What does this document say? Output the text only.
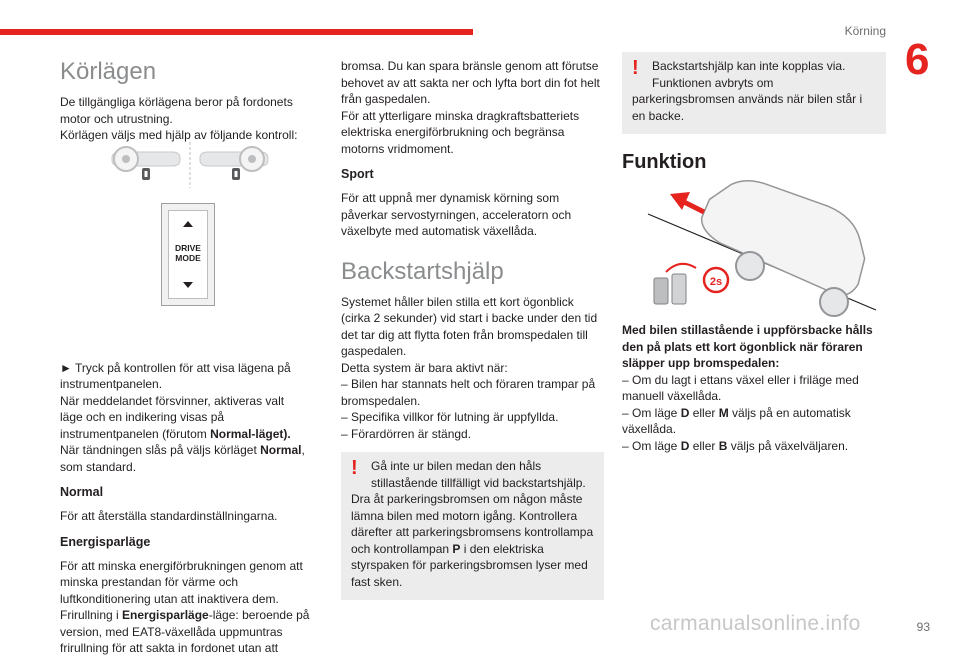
Körning
6
93
carmanualsonline.info
Körlägen

De tillgängliga körlägena beror på fordonets motor och utrustning.

Körlägen väljs med hjälp av följande kontroll:

► Tryck på kontrollen för att visa lägena på instrumentpanelen.

När meddelandet försvinner, aktiveras valt läge och en indikering visas på instrumentpanelen (förutom Normal-läget).

När tändningen slås på väljs körläget Normal, som standard.

Normal

För att återställa standardinställningarna.

Energisparläge

För att minska energiförbrukningen genom att minska prestandan för värme och luftkonditionering utan att inaktivera dem.

Frirullning i Energisparläge-läge: beroende på version, med EAT8-växellåda uppmuntras frirullning för att sakta in fordonet utan att

DRIVE
MODE

bromsa. Du kan spara bränsle genom att förutse behovet av att sakta ner och lyfta bort din fot helt från gaspedalen.

För att ytterligare minska dragkraftsbatteriets elektriska energiförbrukning och begränsa motorns vridmoment.

Sport

För att uppnå mer dynamisk körning som påverkar servostyrningen, acceleratorn och växelbyte med automatisk växellåda.

Backstartshjälp

Systemet håller bilen stilla ett kort ögonblick (cirka 2 sekunder) vid start i backe under den tid det tar dig att flytta foten från bromspedalen till gaspedalen.

Detta system är bara aktivt när:

– Bilen har stannats helt och föraren trampar på bromspedalen.

– Specifika villkor för lutning är uppfyllda.

– Förardörren är stängd.

!	Gå inte ur bilen medan den håls stillastående tillfälligt vid backstartshjälp.

Dra åt parkeringsbromsen om någon måste lämna bilen med motorn igång. Kontrollera därefter att parkeringsbromsens kontrollampa och kontrollampan P i den elektriska styrspaken för parkeringsbromsen lyser med fast sken.

!	Backstartshjälp kan inte kopplas via. Funktionen avbryts om

parkeringsbromsen används när bilen står i en backe.

Funktion

Med bilen stillastående i uppförsbacke hålls den på plats ett kort ögonblick när föraren släpper upp bromspedalen:

– Om du lagt i ettans växel eller i friläge med manuell växellåda.

– Om läge D eller M väljs på en automatisk växellåda.

– Om läge D eller B väljs på växelväljaren.

2s
